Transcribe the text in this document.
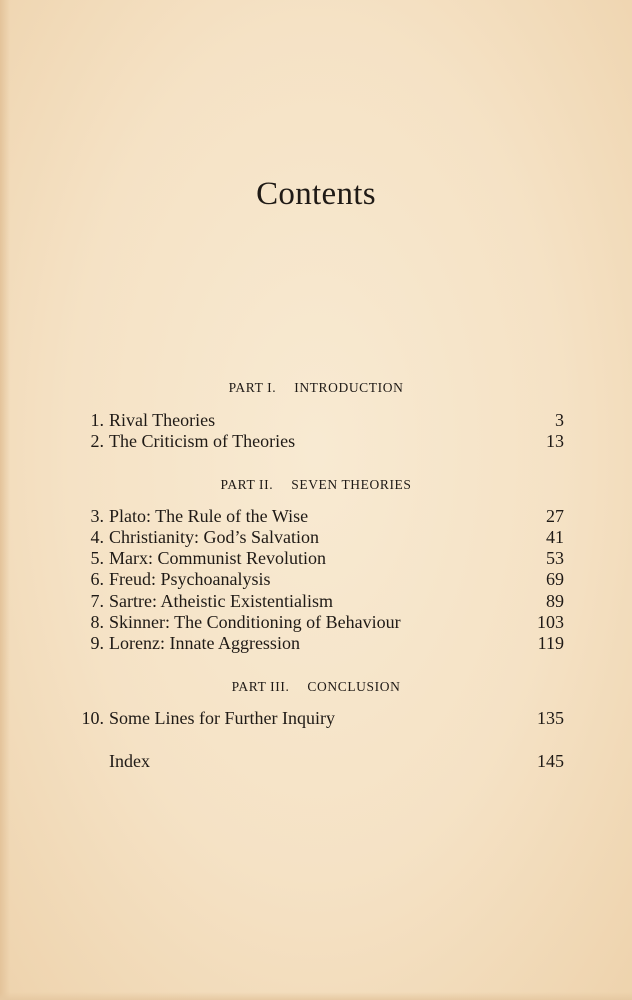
Contents
PART I. INTRODUCTION
1. Rival Theories	3
2. The Criticism of Theories	13
PART II. SEVEN THEORIES
3. Plato: The Rule of the Wise	27
4. Christianity: God’s Salvation	41
5. Marx: Communist Revolution	53
6. Freud: Psychoanalysis	69
7. Sartre: Atheistic Existentialism	89
8. Skinner: The Conditioning of Behaviour	103
9. Lorenz: Innate Aggression	119
PART III. CONCLUSION
10. Some Lines for Further Inquiry	135
Index	145
